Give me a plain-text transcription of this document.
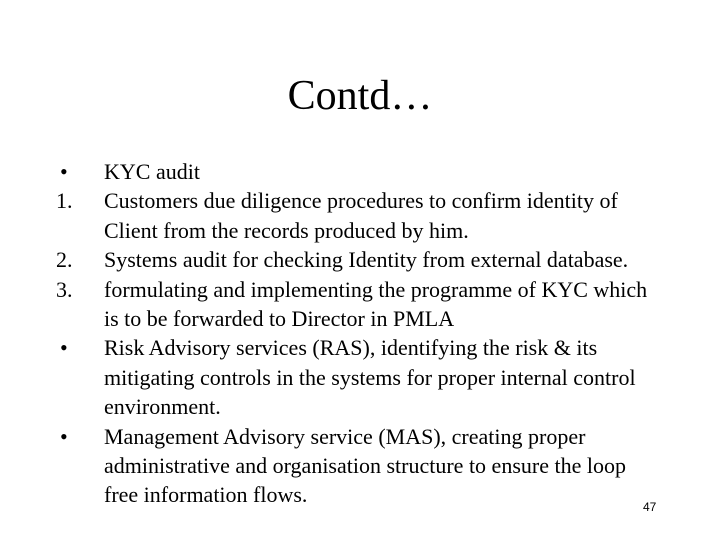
Contd…
•	KYC audit
1.	Customers due diligence procedures to confirm identity of Client from the records produced by him.
2.	Systems audit for checking Identity from external database.
3.	formulating and implementing the programme of KYC which is to be forwarded to Director in PMLA
•	Risk Advisory services (RAS), identifying the risk & its mitigating controls in the systems for proper internal control environment.
•	Management Advisory service (MAS), creating proper administrative and organisation structure to ensure the loop free information flows.	47
